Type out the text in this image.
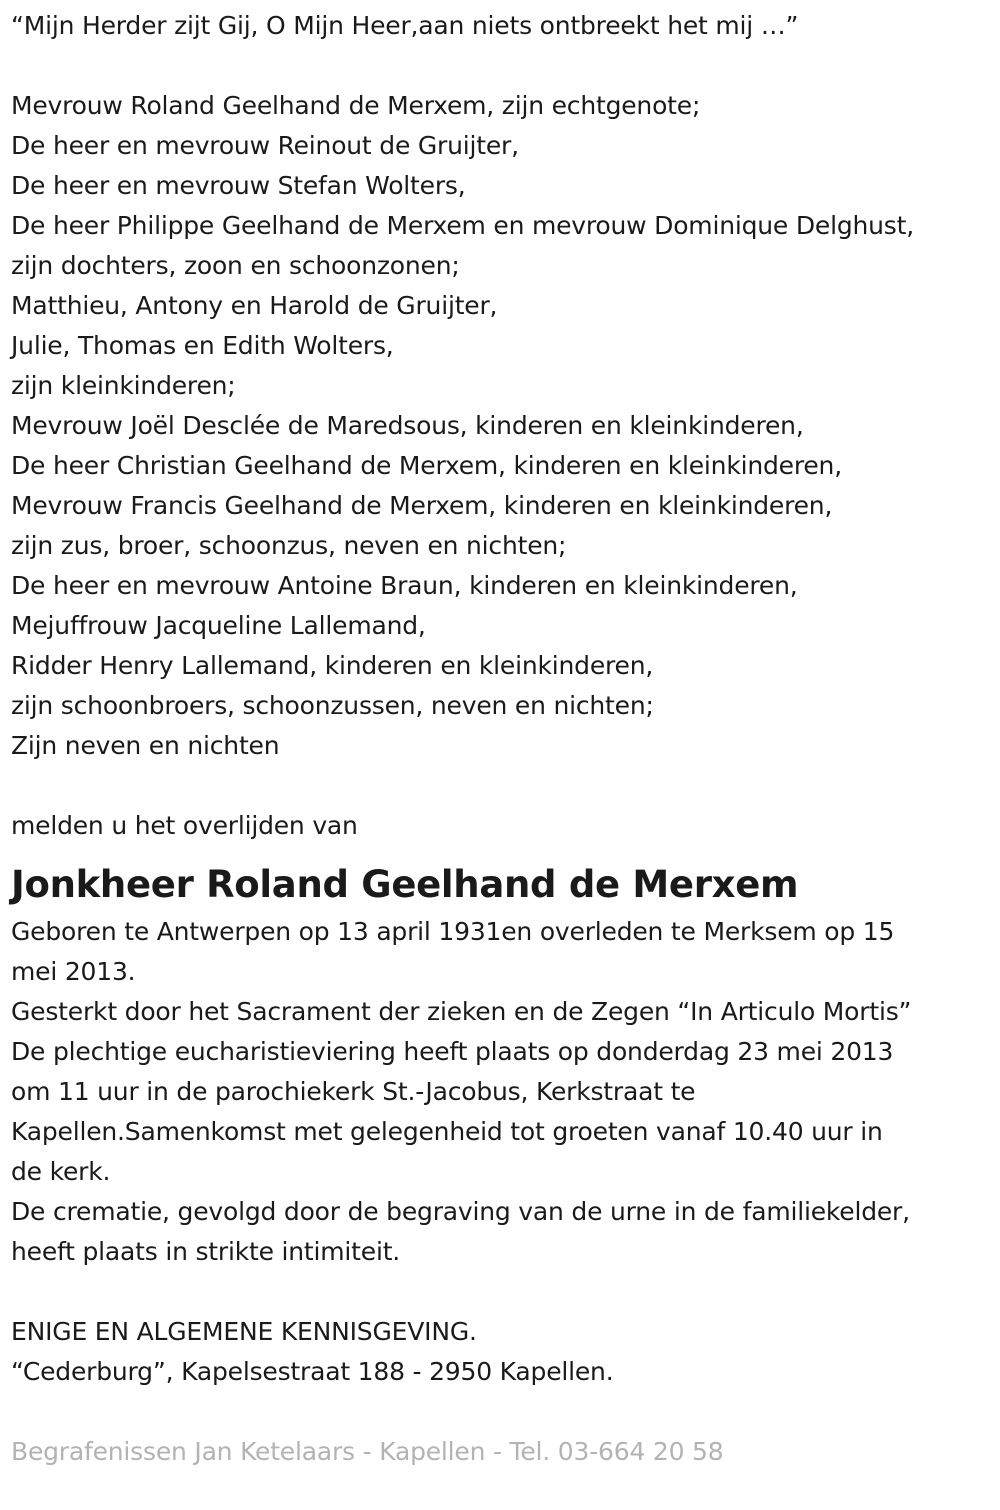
“Mijn Herder zijt Gij, O Mijn Heer,aan niets ontbreekt het mij …”
Mevrouw Roland Geelhand de Merxem, zijn echtgenote;
De heer en mevrouw Reinout de Gruijter,
De heer en mevrouw Stefan Wolters,
De heer Philippe Geelhand de Merxem en mevrouw Dominique Delghust,
zijn dochters, zoon en schoonzonen;
Matthieu, Antony en Harold de Gruijter,
Julie, Thomas en Edith Wolters,
zijn kleinkinderen;
Mevrouw Joël Desclée de Maredsous, kinderen en kleinkinderen,
De heer Christian Geelhand de Merxem, kinderen en kleinkinderen,
Mevrouw Francis Geelhand de Merxem, kinderen en kleinkinderen,
zijn zus, broer, schoonzus, neven en nichten;
De heer en mevrouw Antoine Braun, kinderen en kleinkinderen,
Mejuffrouw Jacqueline Lallemand,
Ridder Henry Lallemand, kinderen en kleinkinderen,
zijn schoonbroers, schoonzussen, neven en nichten;
Zijn neven en nichten
melden u het overlijden van
Jonkheer Roland Geelhand de Merxem
Geboren te Antwerpen op 13 april 1931en overleden te Merksem op 15
mei 2013.
Gesterkt door het Sacrament der zieken en de Zegen “In Articulo Mortis”
De plechtige eucharistieviering heeft plaats op donderdag 23 mei 2013
om 11 uur in de parochiekerk St.-Jacobus, Kerkstraat te
Kapellen.Samenkomst met gelegenheid tot groeten vanaf 10.40 uur in
de kerk.
De crematie, gevolgd door de begraving van de urne in de familiekelder,
heeft plaats in strikte intimiteit.
ENIGE EN ALGEMENE KENNISGEVING.
“Cederburg”, Kapelsestraat 188 - 2950 Kapellen.
Begrafenissen Jan Ketelaars - Kapellen - Tel. 03-664 20 58
